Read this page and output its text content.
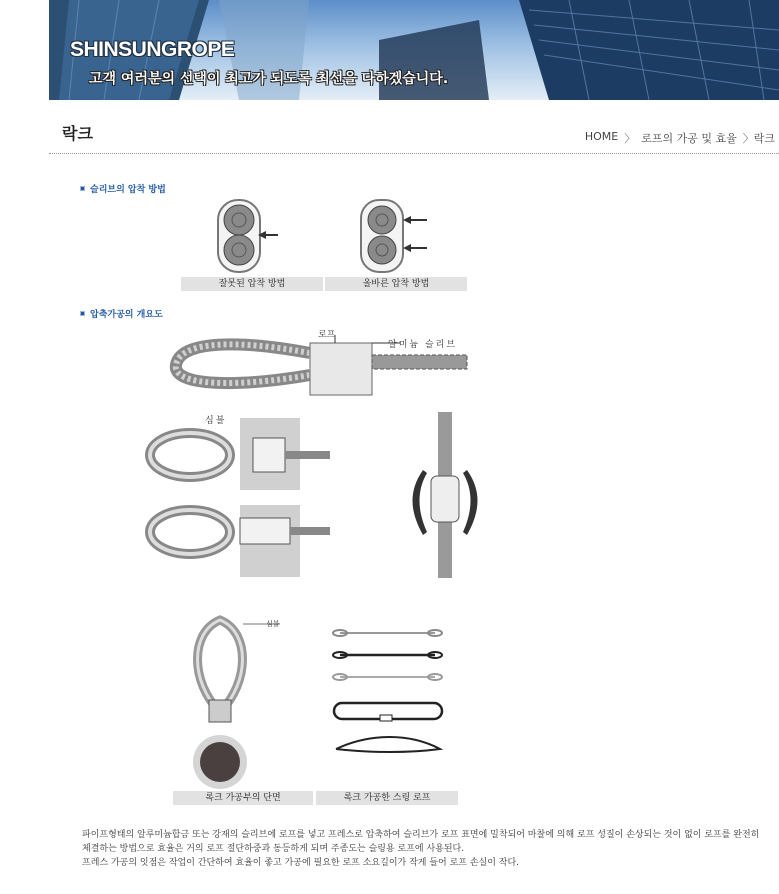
SHINSUNGROPE
고객 여러분의 선택이 최고가 되도록 최선을 다하겠습니다.
락크	HOME 〉 로프의 가공 및 효율 〉락크
슬리브의 압착 방법
잘못된 압착 방법	올바른 압착 방법
압축가공의 개요도
로프
알미늄 슬리브
심블
심블
록크 가공부의 단면	록크 가공한 스링 로프

파이프형태의 알루미늄합금 또는 강재의 슬리브에 로프를 넣고 프레스로 압축하여 슬리브가 로프 표면에 밀착되어 마찰에 의해 로프 성질이 손상되는 것이 없이 로프를 완전히 체결하는 방법으로 효율은 거의 로프 절단하중과 동등하게 되며 주종도는 슬링용 로프에 사용된다.

프레스 가공의 잇점은 작업이 간단하여 효율이 좋고 가공에 필요한 로프 소요길이가 작게 들어 로프 손실이 작다.
